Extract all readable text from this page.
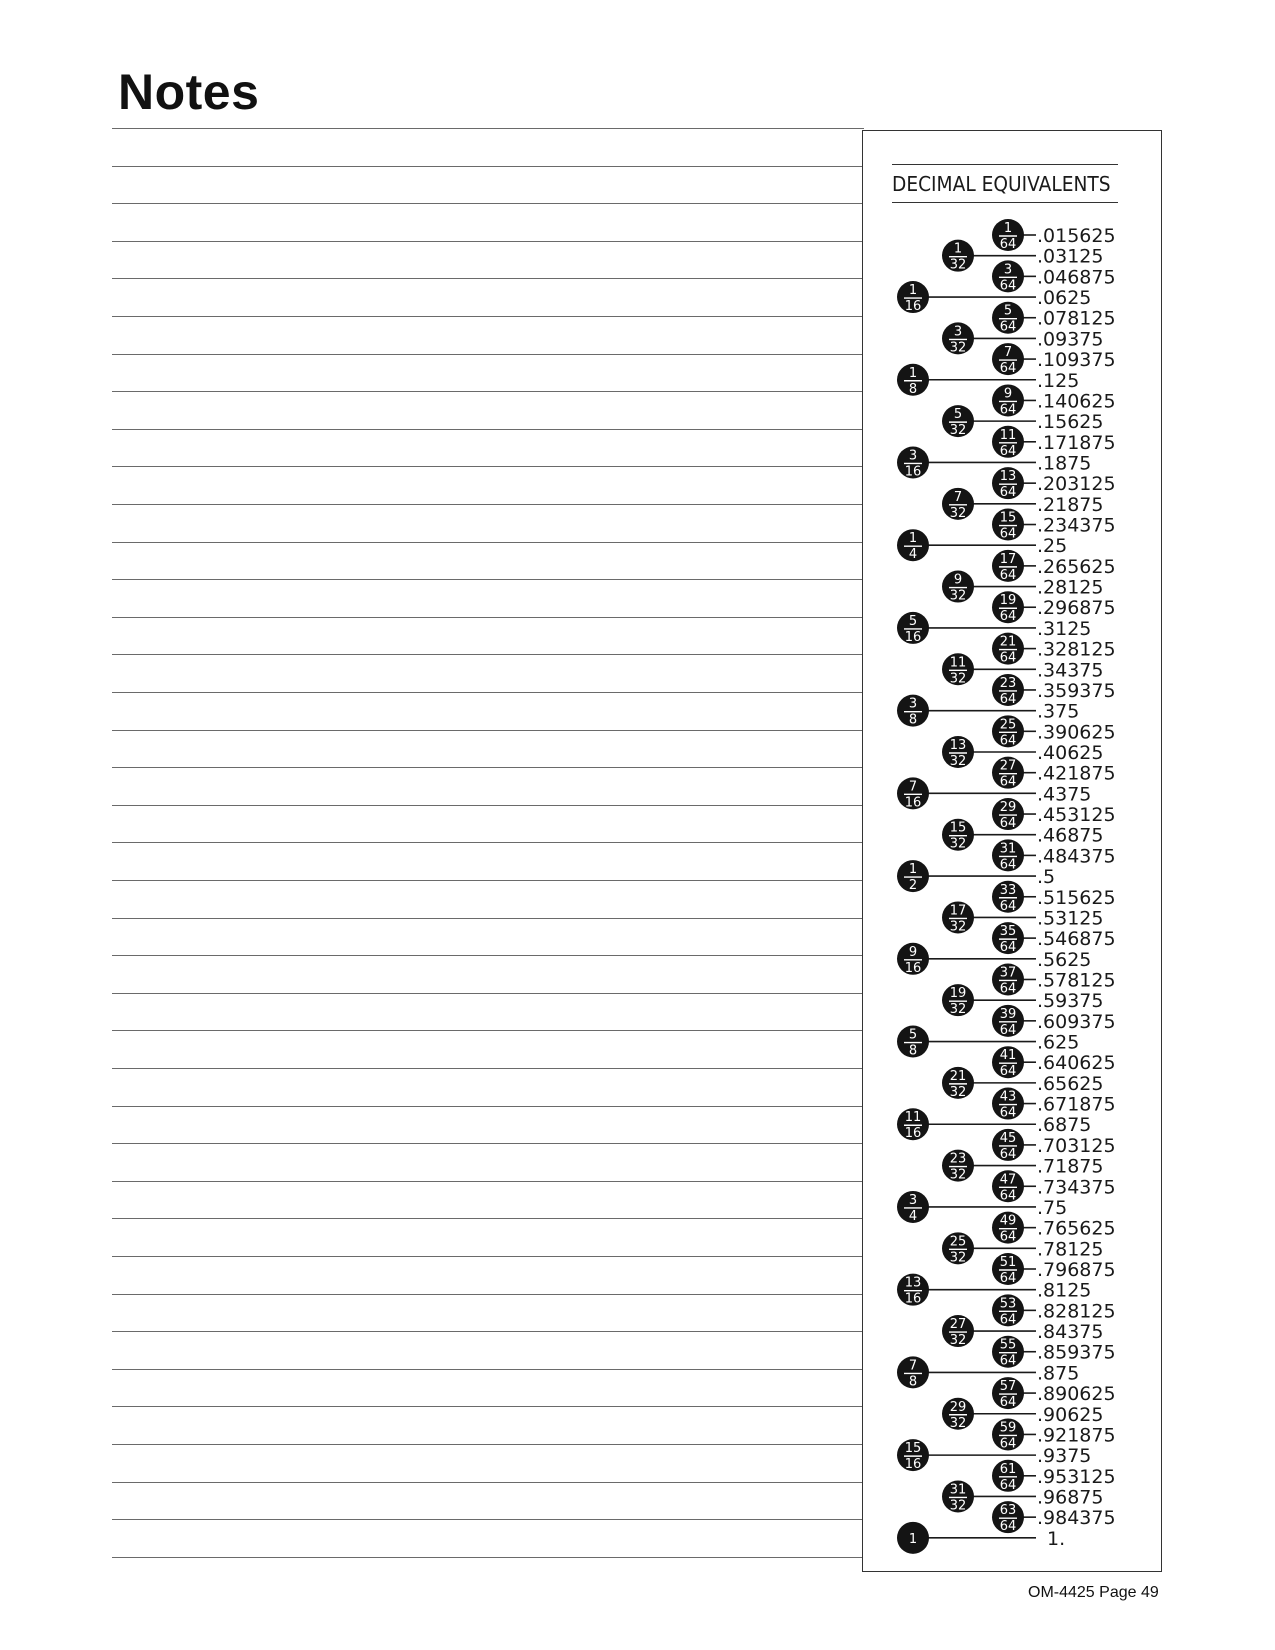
Notes
DECIMAL EQUIVALENTS
1
64 .015625
1
32	.03125
3
64 .046875
1
16	.0625
5
64 .078125
3
32	.09375
7
64 .109375
1
8	.125
9
64 .140625
5
32	.15625
11
64 .171875
3
16	.1875
13
64 .203125
7
32	.21875
15
64 .234375
1
4	.25
17
64 .265625
9
32	.28125
19
64 .296875
5
16	.3125
21
64 .328125
11
32	.34375
23
64 .359375
3
8	.375
25
64 .390625
13
32	.40625
27
64 .421875
7
16	.4375
29
64 .453125
15
32	.46875
31
64 .484375
1
2	.5
33
64 .515625
17
32	.53125
35
64 .546875
9
16	.5625
37
64 .578125
19
32	.59375
39
64 .609375
5
8	.625
41
64 .640625
21
32	.65625
43
64 .671875
11
16	.6875
45
64 .703125
23
32	.71875
47
64 .734375
3
4	.75
49
64 .765625
25
32	.78125
51
64 .796875
13
16	.8125
53
64 .828125
27
32	.84375
55
64 .859375
7
8	.875
57
64 .890625
29
32	.90625
59
64 .921875
15
16	.9375
61
64 .953125
31
32	.96875
63
64 .984375
1	1.
OM-4425 Page 49
